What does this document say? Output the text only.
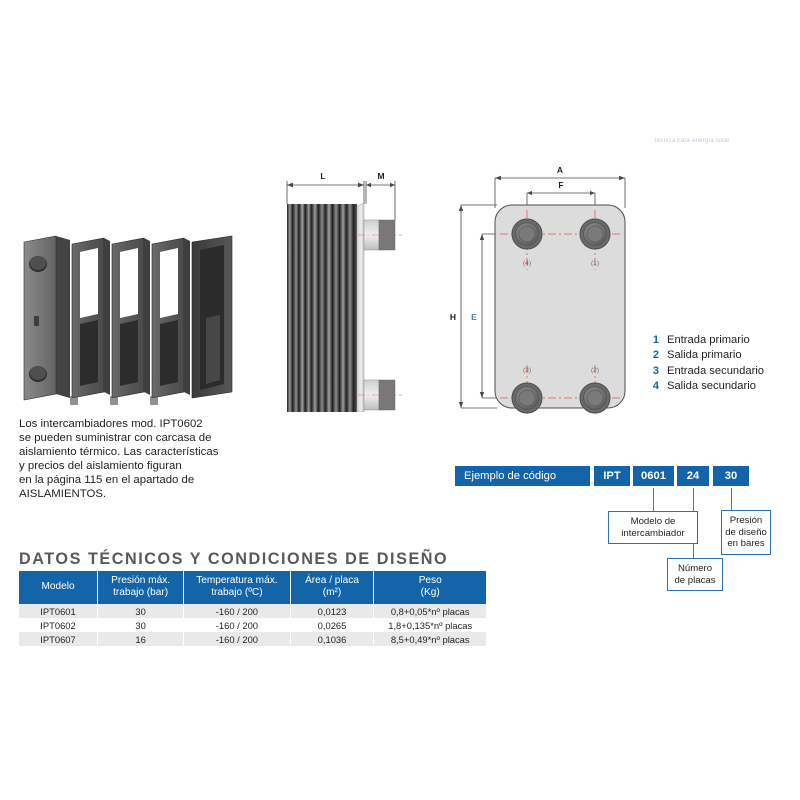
técnica para energía solar
Los intercambiadores mod. IPT0602
se pueden suministrar con carcasa de
aislamiento térmico. Las características
y precios del aislamiento figuran
en la página 115 en el apartado de
AISLAMIENTOS.
L	M
A
F
H E
(4)	(1)
(3)	(2)
1 Entrada primario
2 Salida primario
3 Entrada secundario
4 Salida secundario
Ejemplo de código	IPT	0601	24	30
Modelo de
intercambiador
Número
de placas
Presión
de diseño
en bares
DATOS TÉCNICOS Y CONDICIONES DE DISEÑO
Modelo

Presión máx.
trabajo (bar)

Temperatura máx.
trabajo (ºC)

Área / placa
(m²)

Peso
(Kg)

IPT0601	30	-160 / 200	0,0123	0,8+0,05*nº placas
IPT0602	30	-160 / 200	0,0265	1,8+0,135*nº placas
IPT0607	16	-160 / 200	0,1036	8,5+0,49*nº placas
